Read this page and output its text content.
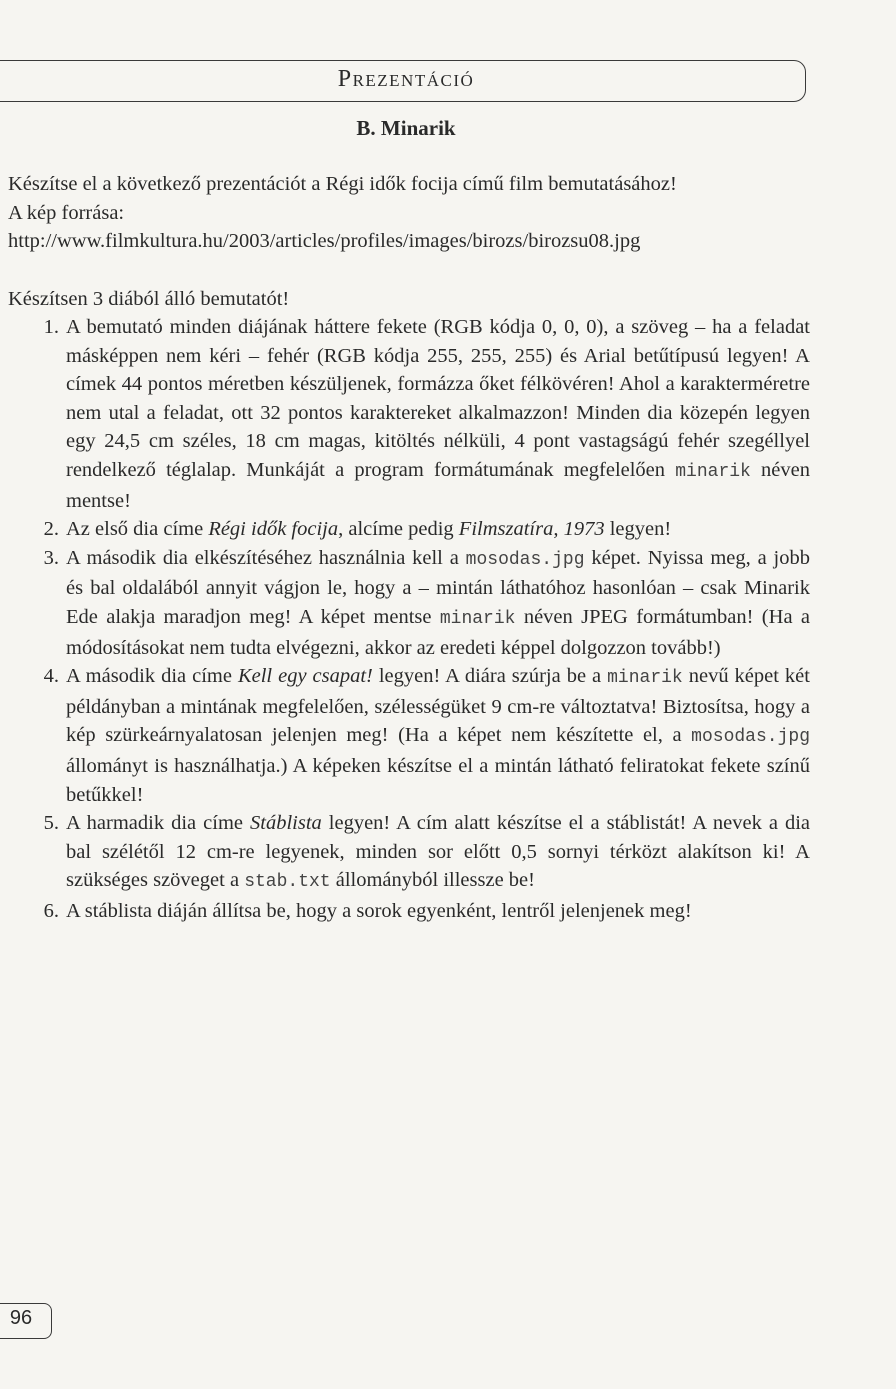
Prezentáció
B. Minarik

Készítse el a következő prezentációt a Régi idők focija című film bemutatásához!

A kép forrása:

http://www.filmkultura.hu/2003/articles/profiles/images/birozs/birozsu08.jpg

Készítsen 3 diából álló bemutatót!

1. A bemutató minden diájának háttere fekete (RGB kódja 0, 0, 0), a szöveg – ha a feladat másképpen nem kéri – fehér (RGB kódja 255, 255, 255) és Arial betűtípusú legyen! A címek 44 pontos méretben készüljenek, formázza őket félkövéren! Ahol a karakterméretre nem utal a feladat, ott 32 pontos karaktereket alkalmazzon! Minden dia közepén legyen egy 24,5 cm széles, 18 cm magas, kitöltés nélküli, 4 pont vastagságú fehér szegéllyel rendelkező téglalap. Munkáját a program formátumának megfelelően minarik néven mentse!
2. Az első dia címe Régi idők focija, alcíme pedig Filmszatíra, 1973 legyen!
3. A második dia elkészítéséhez használnia kell a mosodas.jpg képet. Nyissa meg, a jobb és bal oldalából annyit vágjon le, hogy a – mintán láthatóhoz hasonlóan – csak Minarik Ede alakja maradjon meg! A képet mentse minarik néven JPEG formátumban! (Ha a módosításokat nem tudta elvégezni, akkor az eredeti képpel dolgozzon tovább!)
4. A második dia címe Kell egy csapat! legyen! A diára szúrja be a minarik nevű képet két példányban a mintának megfelelően, szélességüket 9 cm-re változtatva! Biztosítsa, hogy a kép szürkeárnyalatosan jelenjen meg! (Ha a képet nem készítette el, a mosodas.jpg állományt is használhatja.) A képeken készítse el a mintán látható feliratokat fekete színű betűkkel!
5. A harmadik dia címe Stáblista legyen! A cím alatt készítse el a stáblistát! A nevek a dia bal szélétől 12 cm-re legyenek, minden sor előtt 0,5 sornyi térközt alakítson ki! A szükséges szöveget a stab.txt állományból illessze be!
6. A stáblista diáján állítsa be, hogy a sorok egyenként, lentről jelenjenek meg!
96
